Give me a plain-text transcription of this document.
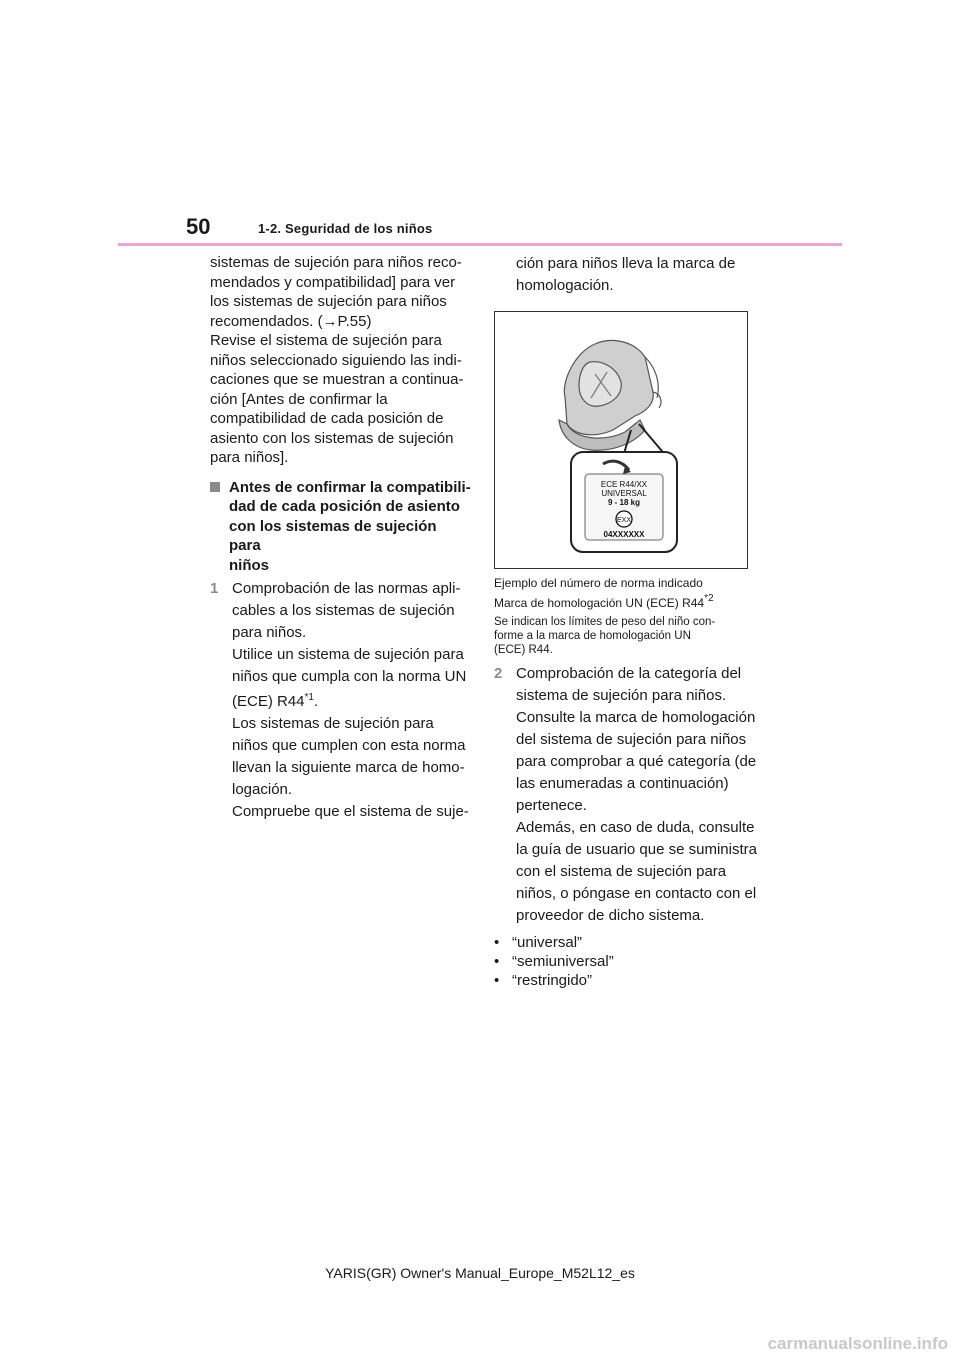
50	1-2. Seguridad de los niños

sistemas de sujeción para niños reco-

mendados y compatibilidad] para ver

los sistemas de sujeción para niños

recomendados. (→P.55)

Revise el sistema de sujeción para

niños seleccionado siguiendo las indi-

caciones que se muestran a continua-

ción [Antes de confirmar la

compatibilidad de cada posición de

asiento con los sistemas de sujeción

para niños].

Antes de confirmar la compatibili-
dad de cada posición de asiento
con los sistemas de sujeción para
niños
1 Comprobación de las normas apli-

cables a los sistemas de sujeción

para niños.

Utilice un sistema de sujeción para

niños que cumpla con la norma UN

(ECE) R44$^{*1}$.

Los sistemas de sujeción para

niños que cumplen con esta norma

llevan la siguiente marca de homo-

logación.

Compruebe que el sistema de suje-

ción para niños lleva la marca de

homologación.

ECE R44/XX
UNIVERSAL
9 - 18 kg
EXX
04XXXXXX
Ejemplo del número de norma indicado
Marca de homologación UN (ECE) R44$^{*2}$
Se indican los límites de peso del niño con-
forme a la marca de homologación UN
(ECE) R44.
2 Comprobación de la categoría del

sistema de sujeción para niños.

Consulte la marca de homologación

del sistema de sujeción para niños

para comprobar a qué categoría (de

las enumeradas a continuación)

pertenece.

Además, en caso de duda, consulte

la guía de usuario que se suministra

con el sistema de sujeción para

niños, o póngase en contacto con el

proveedor de dicho sistema.

• “universal”
• “semiuniversal”
• “restringido”
YARIS(GR) Owner's Manual_Europe_M52L12_es
carmanualsonline.info
